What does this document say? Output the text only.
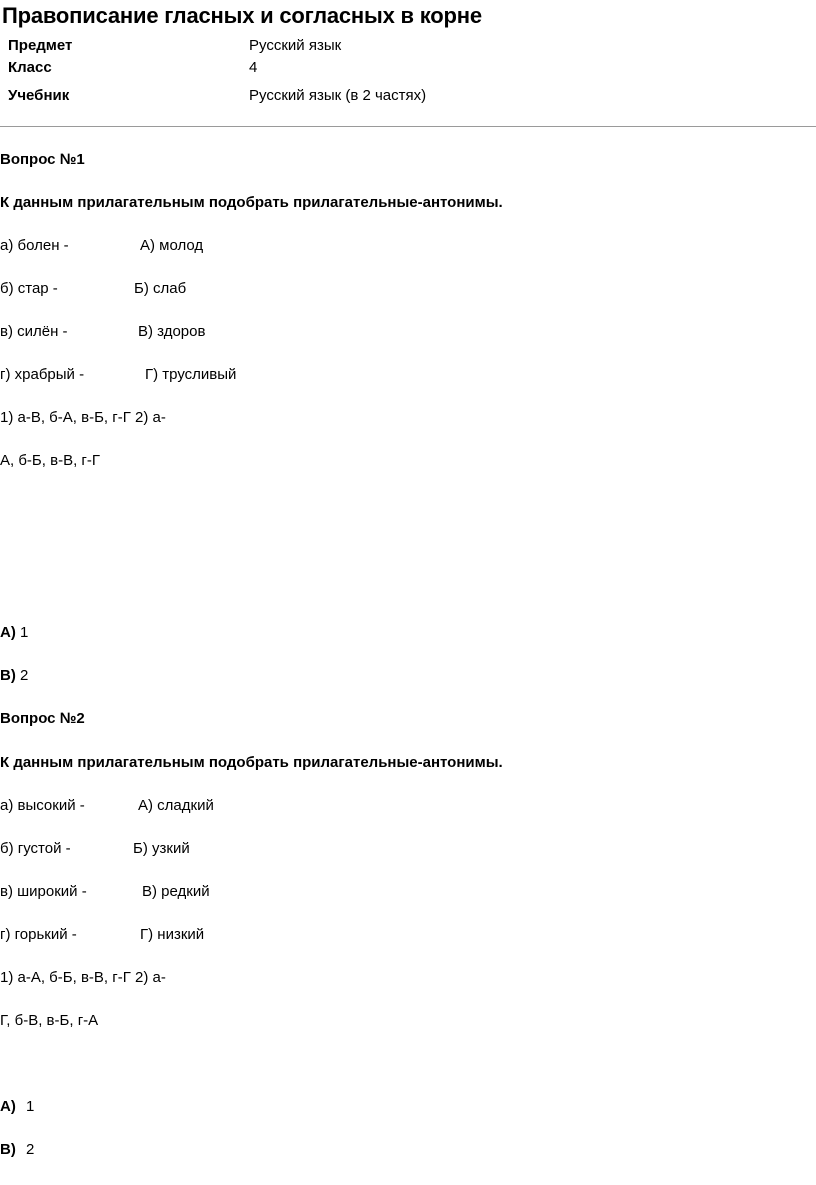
Правописание гласных и согласных в корне
Предмет	Русский язык
Класс	4
Учебник	Русский язык (в 2 частях)
Вопрос №1
К данным прилагательным подобрать прилагательные-антонимы.
а) болен -	А) молод
б) стар -	Б) слаб
в) силён -	В) здоров
г) храбрый -	Г) трусливый
1) а-В, б-А, в-Б, г-Г 2) а-
А, б-Б, в-В, г-Г
А) 1
В) 2
Вопрос №2
К данным прилагательным подобрать прилагательные-антонимы.
а) высокий -	А) сладкий
б) густой -	Б) узкий
в) широкий -	В) редкий
г) горький -	Г) низкий
1) а-А, б-Б, в-В, г-Г 2) а-
Г, б-В, в-Б, г-А
А) 1
В) 2
